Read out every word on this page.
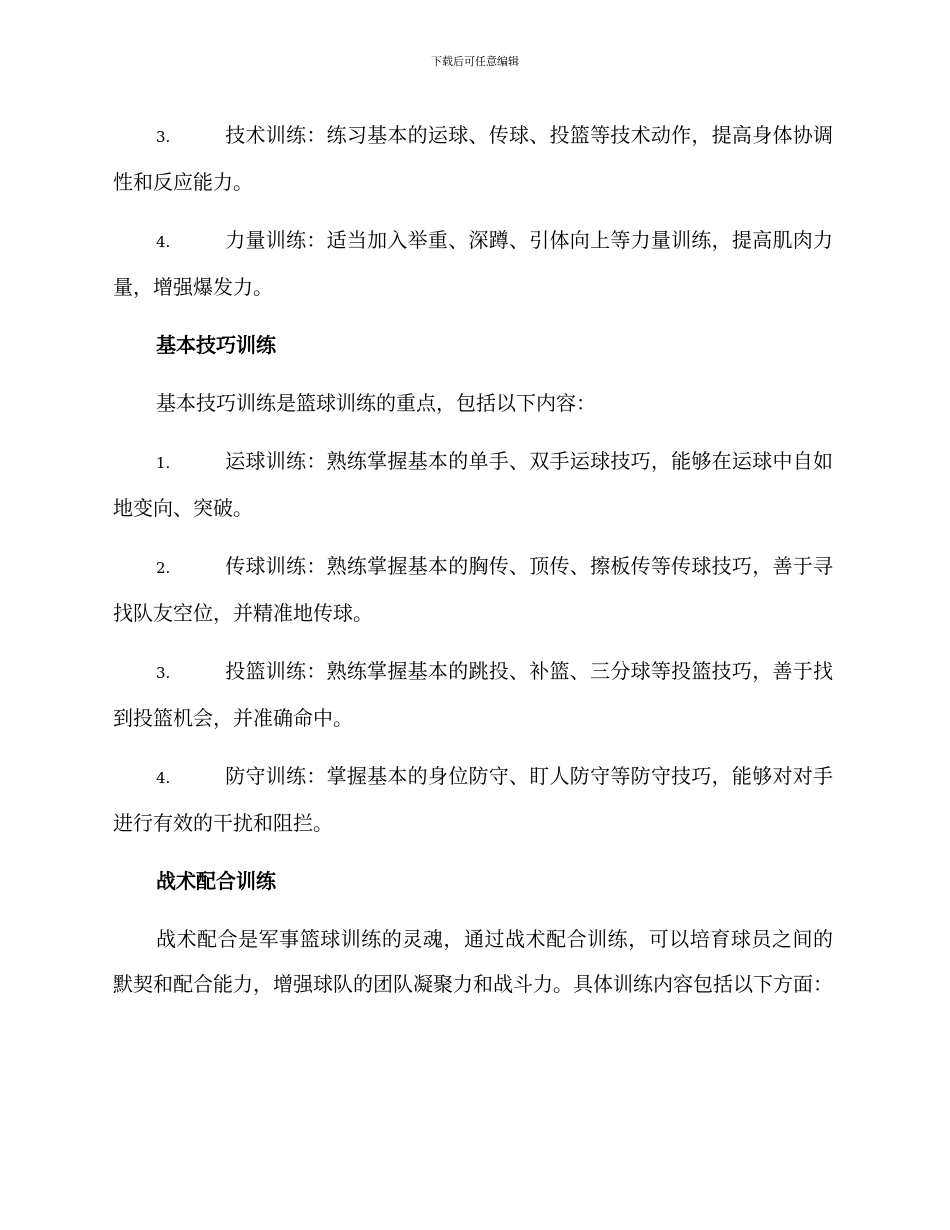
下载后可任意编辑

3.	技术训练：练习基本的运球、传球、投篮等技术动作，提高身体协调性和反应能力。

4.	力量训练：适当加入举重、深蹲、引体向上等力量训练，提高肌肉力量，增强爆发力。

基本技巧训练

基本技巧训练是篮球训练的重点，包括以下内容：

1.	运球训练：熟练掌握基本的单手、双手运球技巧，能够在运球中自如地变向、突破。

2.	传球训练：熟练掌握基本的胸传、顶传、擦板传等传球技巧，善于寻找队友空位，并精准地传球。

3.	投篮训练：熟练掌握基本的跳投、补篮、三分球等投篮技巧，善于找到投篮机会，并准确命中。

4.	防守训练：掌握基本的身位防守、盯人防守等防守技巧，能够对对手进行有效的干扰和阻拦。

战术配合训练

战术配合是军事篮球训练的灵魂，通过战术配合训练，可以培育球员之间的默契和配合能力，增强球队的团队凝聚力和战斗力。具体训练内容包括以下方面：
